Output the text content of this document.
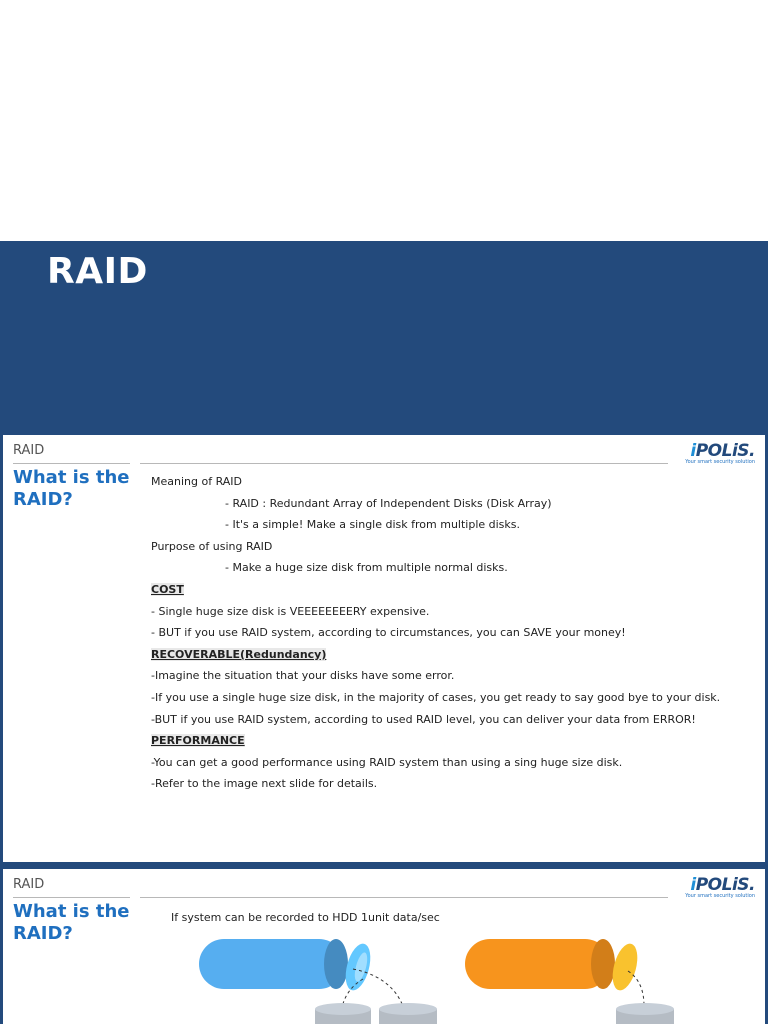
RAID
RAID
What is the
RAID?
iPOLiS.
Your smart security solution
Meaning of RAID
- RAID : Redundant Array of Independent Disks (Disk Array)
- It's a simple! Make a single disk from multiple disks.
Purpose of using RAID
- Make a huge size disk from multiple normal disks.
COST
- Single huge size disk is VEEEEEEEERY expensive.
- BUT if you use RAID system, according to circumstances, you can SAVE your money!
RECOVERABLE(Redundancy)
-Imagine the situation that your disks have some error.
-If you use a single huge size disk, in the majority of cases, you get ready to say good bye to your disk.
-BUT if you use RAID system, according to used RAID level, you can deliver your data from ERROR!
PERFORMANCE
-You can get a good performance using RAID system than using a sing huge size disk.
-Refer to the image next slide for details.
RAID
What is the
RAID?
iPOLiS.
Your smart security solution
If system can be recorded to HDD 1unit data/sec
